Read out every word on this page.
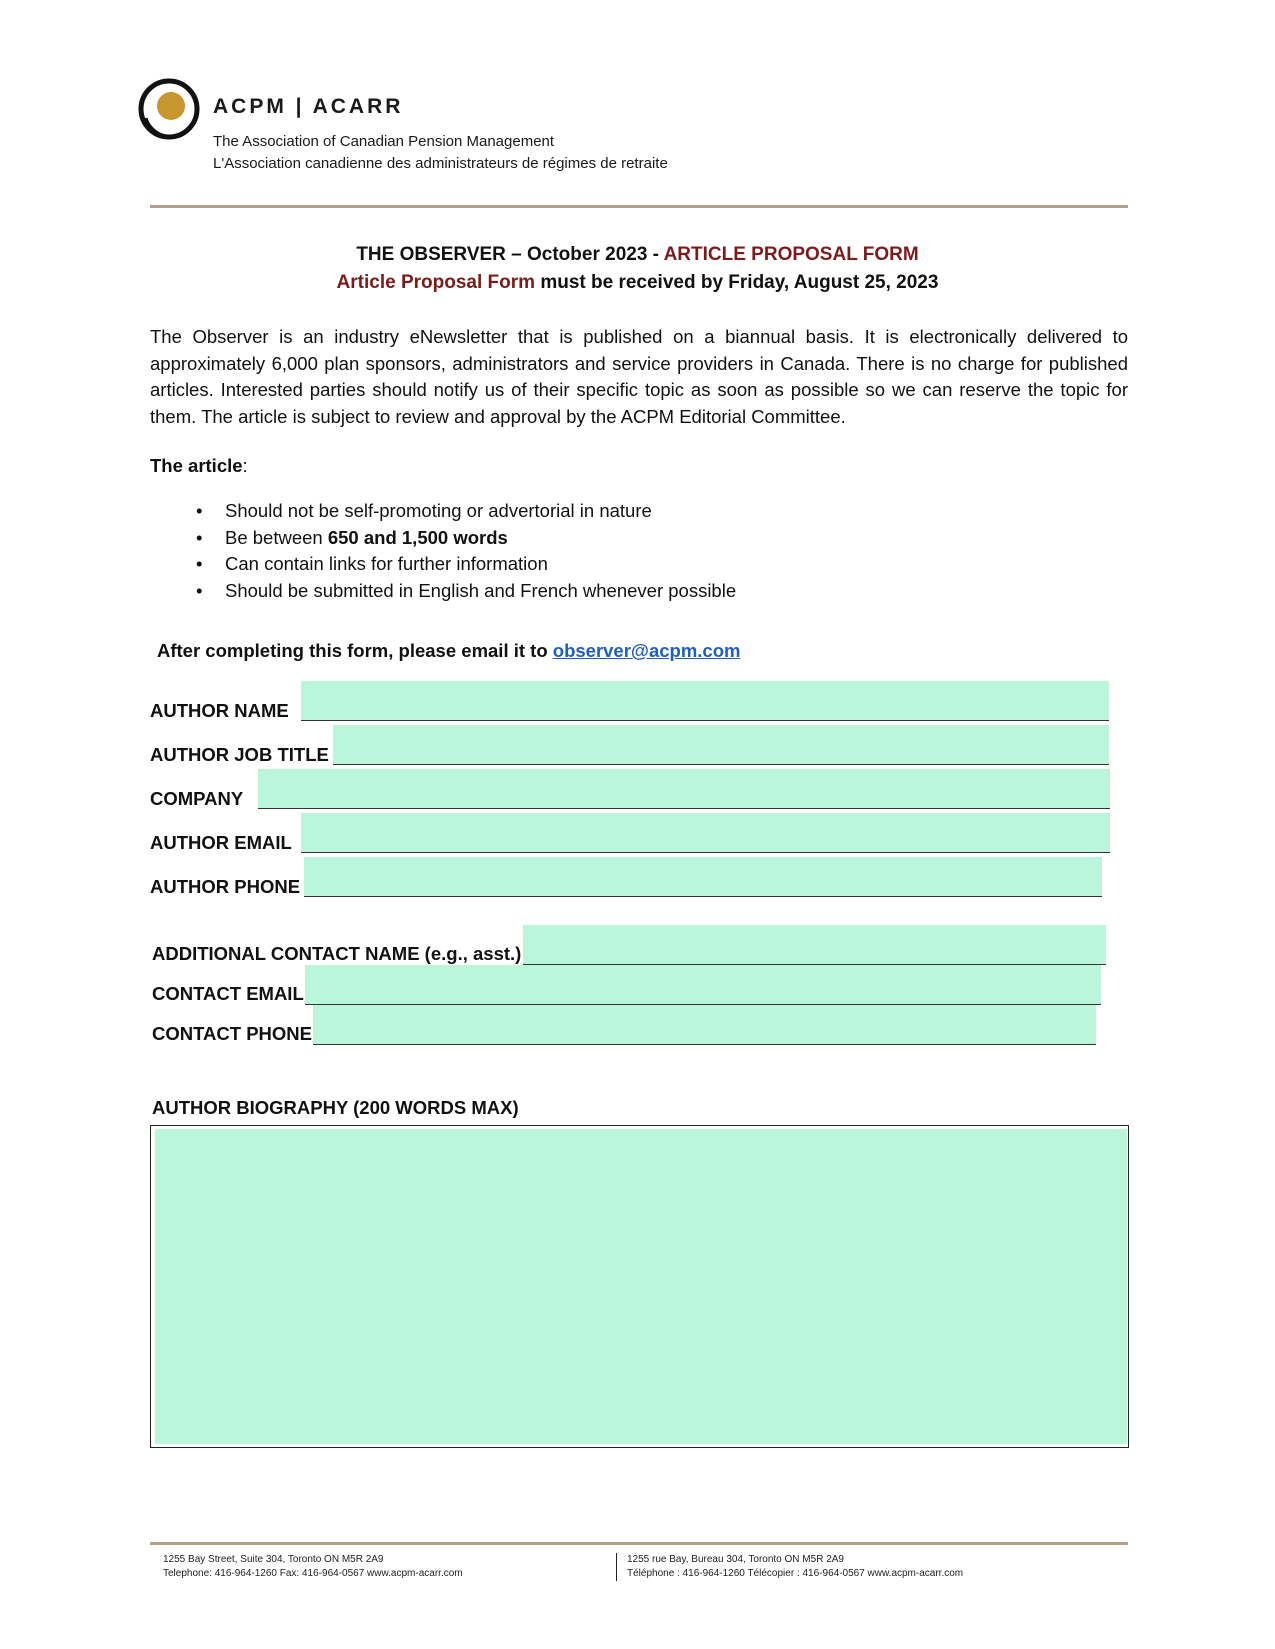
ACPM | ACARR
The Association of Canadian Pension Management
L'Association canadienne des administrateurs de régimes de retraite
THE OBSERVER – October 2023 - ARTICLE PROPOSAL FORM
Article Proposal Form must be received by Friday, August 25, 2023
The Observer is an industry eNewsletter that is published on a biannual basis. It is electronically delivered to approximately 6,000 plan sponsors, administrators and service providers in Canada. There is no charge for published articles. Interested parties should notify us of their specific topic as soon as possible so we can reserve the topic for them. The article is subject to review and approval by the ACPM Editorial Committee.
The article:
• Should not be self-promoting or advertorial in nature
• Be between 650 and 1,500 words
• Can contain links for further information
• Should be submitted in English and French whenever possible
After completing this form, please email it to observer@acpm.com
AUTHOR NAME
AUTHOR JOB TITLE
COMPANY
AUTHOR EMAIL
AUTHOR PHONE
ADDITIONAL CONTACT NAME (e.g., asst.)
CONTACT EMAIL
CONTACT PHONE
AUTHOR BIOGRAPHY (200 WORDS MAX)
1255 Bay Street, Suite 304, Toronto ON M5R 2A9
Telephone: 416-964-1260 Fax: 416-964-0567 www.acpm-acarr.com
1255 rue Bay, Bureau 304, Toronto ON M5R 2A9
Téléphone : 416-964-1260 Télécopier : 416-964-0567 www.acpm-acarr.com
